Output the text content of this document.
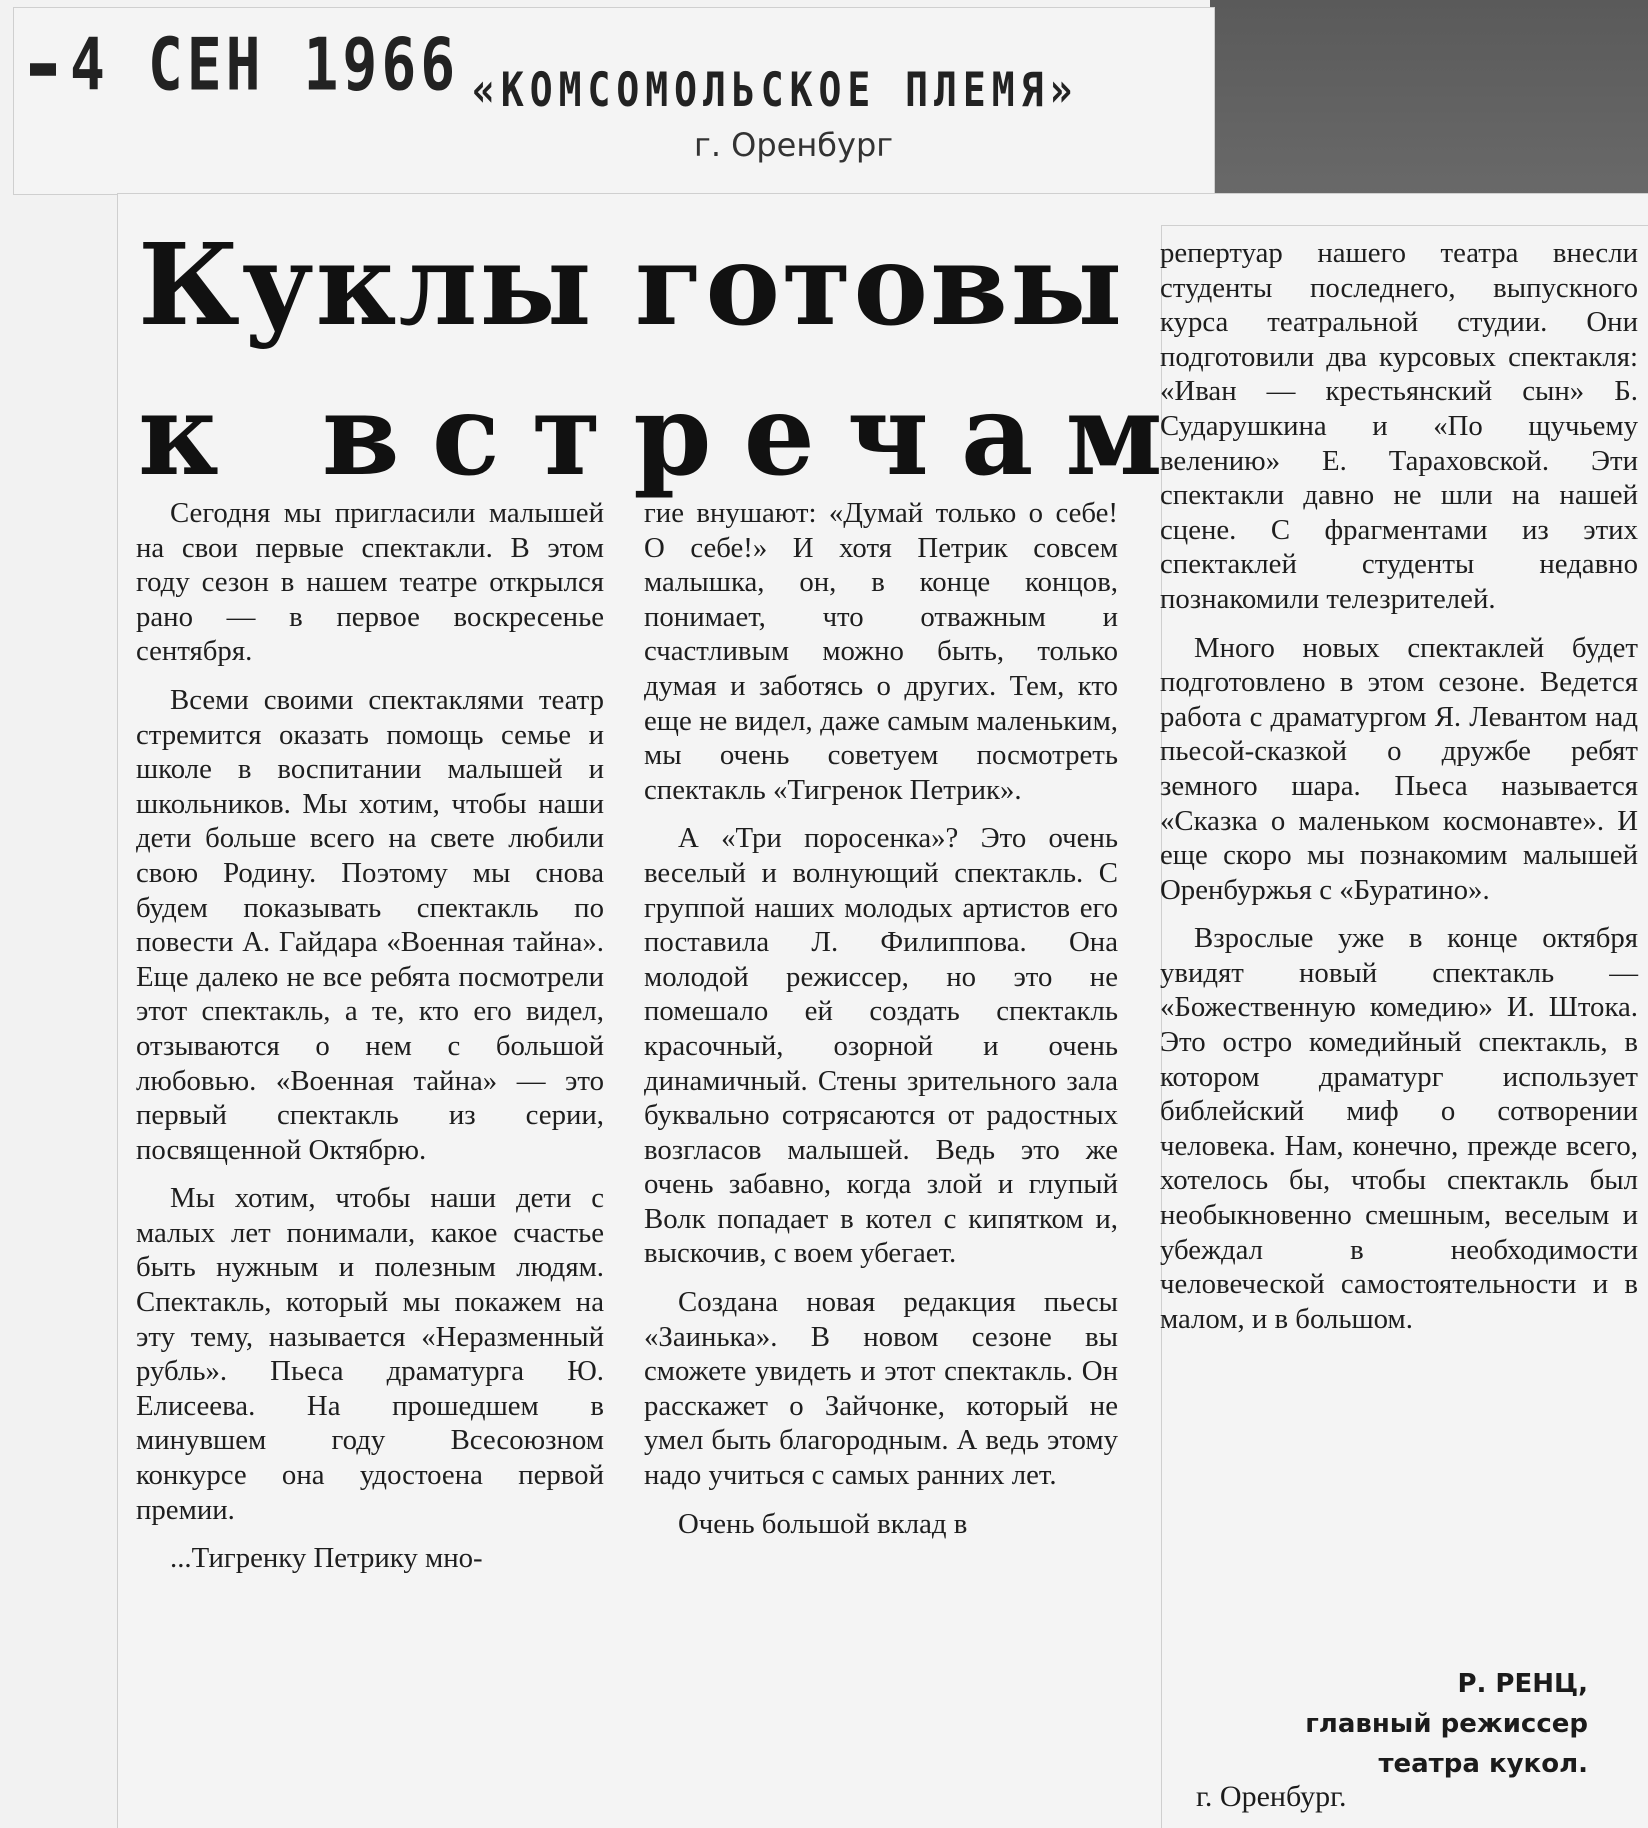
4 СЕН 1966 «КОМСОМОЛЬСКОЕ ПЛЕМЯ»
г. Оренбург
Куклы готовы
к встречам

Сегодня мы пригласили малышей на свои первые спектакли. В этом году сезон в нашем театре открылся рано — в первое воскресенье сентября.

Всеми своими спектаклями театр стремится оказать помощь семье и школе в воспитании малышей и школьников. Мы хотим, чтобы наши дети больше всего на свете любили свою Родину. Поэтому мы снова будем показывать спектакль по повести А. Гайдара «Военная тайна». Еще далеко не все ребята посмотрели этот спектакль, а те, кто его видел, отзываются о нем с большой любовью. «Военная тайна» — это первый спектакль из серии, посвященной Октябрю.

Мы хотим, чтобы наши дети с малых лет понимали, какое счастье быть нужным и полезным людям. Спектакль, который мы покажем на эту тему, называется «Неразменный рубль». Пьеса драматурга Ю. Елисеева. На прошедшем в минувшем году Всесоюзном конкурсе она удостоена первой премии.

...Тигренку Петрику мно-

гие внушают: «Думай только о себе! О себе!» И хотя Петрик совсем малышка, он, в конце концов, понимает, что отважным и счастливым можно быть, только думая и заботясь о других. Тем, кто еще не видел, даже самым маленьким, мы очень советуем посмотреть спектакль «Тигренок Петрик».

А «Три поросенка»? Это очень веселый и волнующий спектакль. С группой наших молодых артистов его поставила Л. Филиппова. Она молодой режиссер, но это не помешало ей создать спектакль красочный, озорной и очень динамичный. Стены зрительного зала буквально сотрясаются от радостных возгласов малышей. Ведь это же очень забавно, когда злой и глупый Волк попадает в котел с кипятком и, выскочив, с воем убегает.

Создана новая редакция пьесы «Заинька». В новом сезоне вы сможете увидеть и этот спектакль. Он расскажет о Зайчонке, который не умел быть благородным. А ведь этому надо учиться с самых ранних лет.

Очень большой вклад в

репертуар нашего театра внесли студенты последнего, выпускного курса театральной студии. Они подготовили два курсовых спектакля: «Иван — крестьянский сын» Б. Сударушкина и «По щучьему велению» Е. Тараховской. Эти спектакли давно не шли на нашей сцене. С фрагментами из этих спектаклей студенты недавно познакомили телезрителей.

Много новых спектаклей будет подготовлено в этом сезоне. Ведется работа с драматургом Я. Левантом над пьесой-сказкой о дружбе ребят земного шара. Пьеса называется «Сказка о маленьком космонавте». И еще скоро мы познакомим малышей Оренбуржья с «Буратино».

Взрослые уже в конце октября увидят новый спектакль — «Божественную комедию» И. Штока. Это остро комедийный спектакль, в котором драматург использует библейский миф о сотворении человека. Нам, конечно, прежде всего, хотелось бы, чтобы спектакль был необыкновенно смешным, веселым и убеждал в необходимости человеческой самостоятельности и в малом, и в большом.

Р. РЕНЦ,
главный режиссер
театра кукол.
г. Оренбург.
